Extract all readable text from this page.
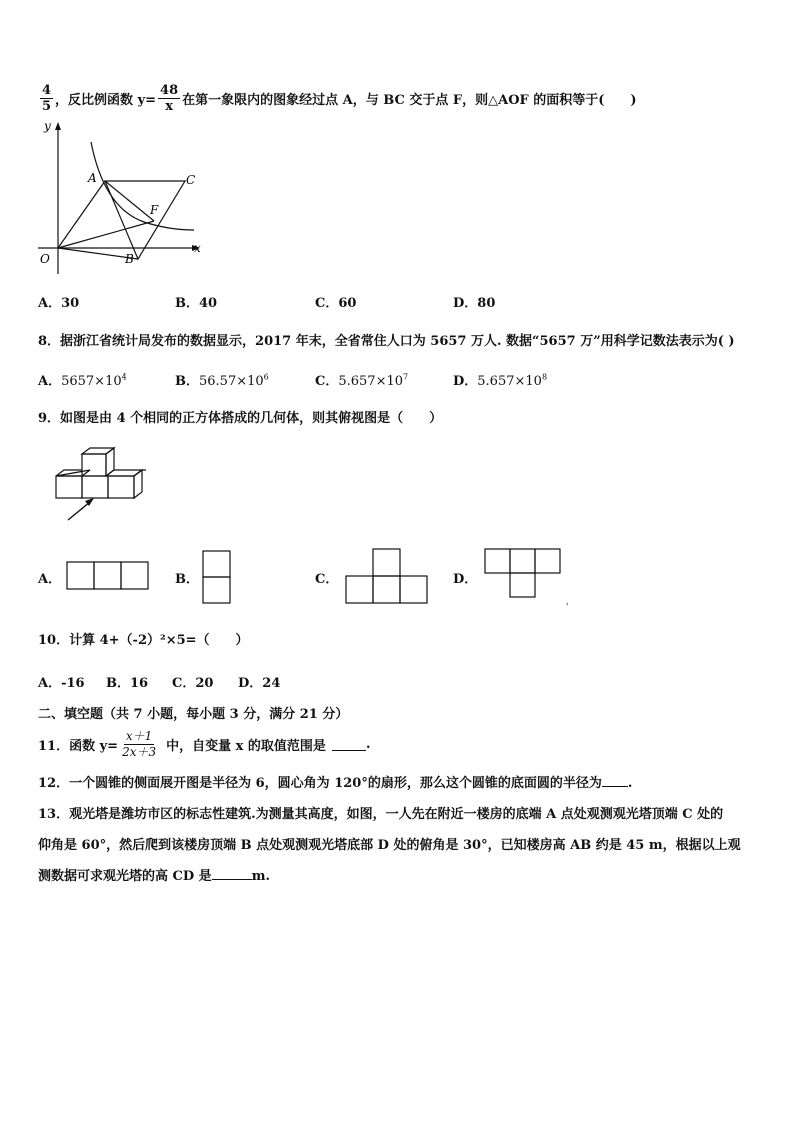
$\frac{4}{5}$ ，反比例函数 $y= \frac{48}{x}$ 在第一象限内的图象经过点 A，与 BC 交于点 F，则△AOF 的面积等于(　　)
y
x
O
A
B
C
F
A．30	B．40	C．60	D．80
8．据浙江省统计局发布的数据显示，2017 年末，全省常住人口为 5657 万人. 数据“5657 万”用科学记数法表示为( )
A．$5657\times 10^4$	B．$56.57\times 10^6$	C．$5.657\times 10^7$	D．$5.657\times 10^8$
9．如图是由 4 个相同的正方体搭成的几何体，则其俯视图是（　　）
A．	B．	C．	D．
10．计算 4+（-2）²×5=（　　）
A．-16 B．16 C．20 D．24
二、填空题（共 7 小题，每小题 3 分，满分 21 分）
11．函数 $y= \frac{x+1}{2x+3}$ 中，自变量 x 的取值范围是	.
12．一个圆锥的侧面展开图是半径为 6，圆心角为 120°的扇形，那么这个圆锥的底面圆的半径为 .
13．观光塔是潍坊市区的标志性建筑.为测量其高度，如图，一人先在附近一楼房的底端 A 点处观测观光塔顶端 C 处的
仰角是 60°，然后爬到该楼房顶端 B 点处观测观光塔底部 D 处的俯角是 30°，已知楼房高 AB 约是 45 m，根据以上观
测数据可求观光塔的高 CD 是	m.
